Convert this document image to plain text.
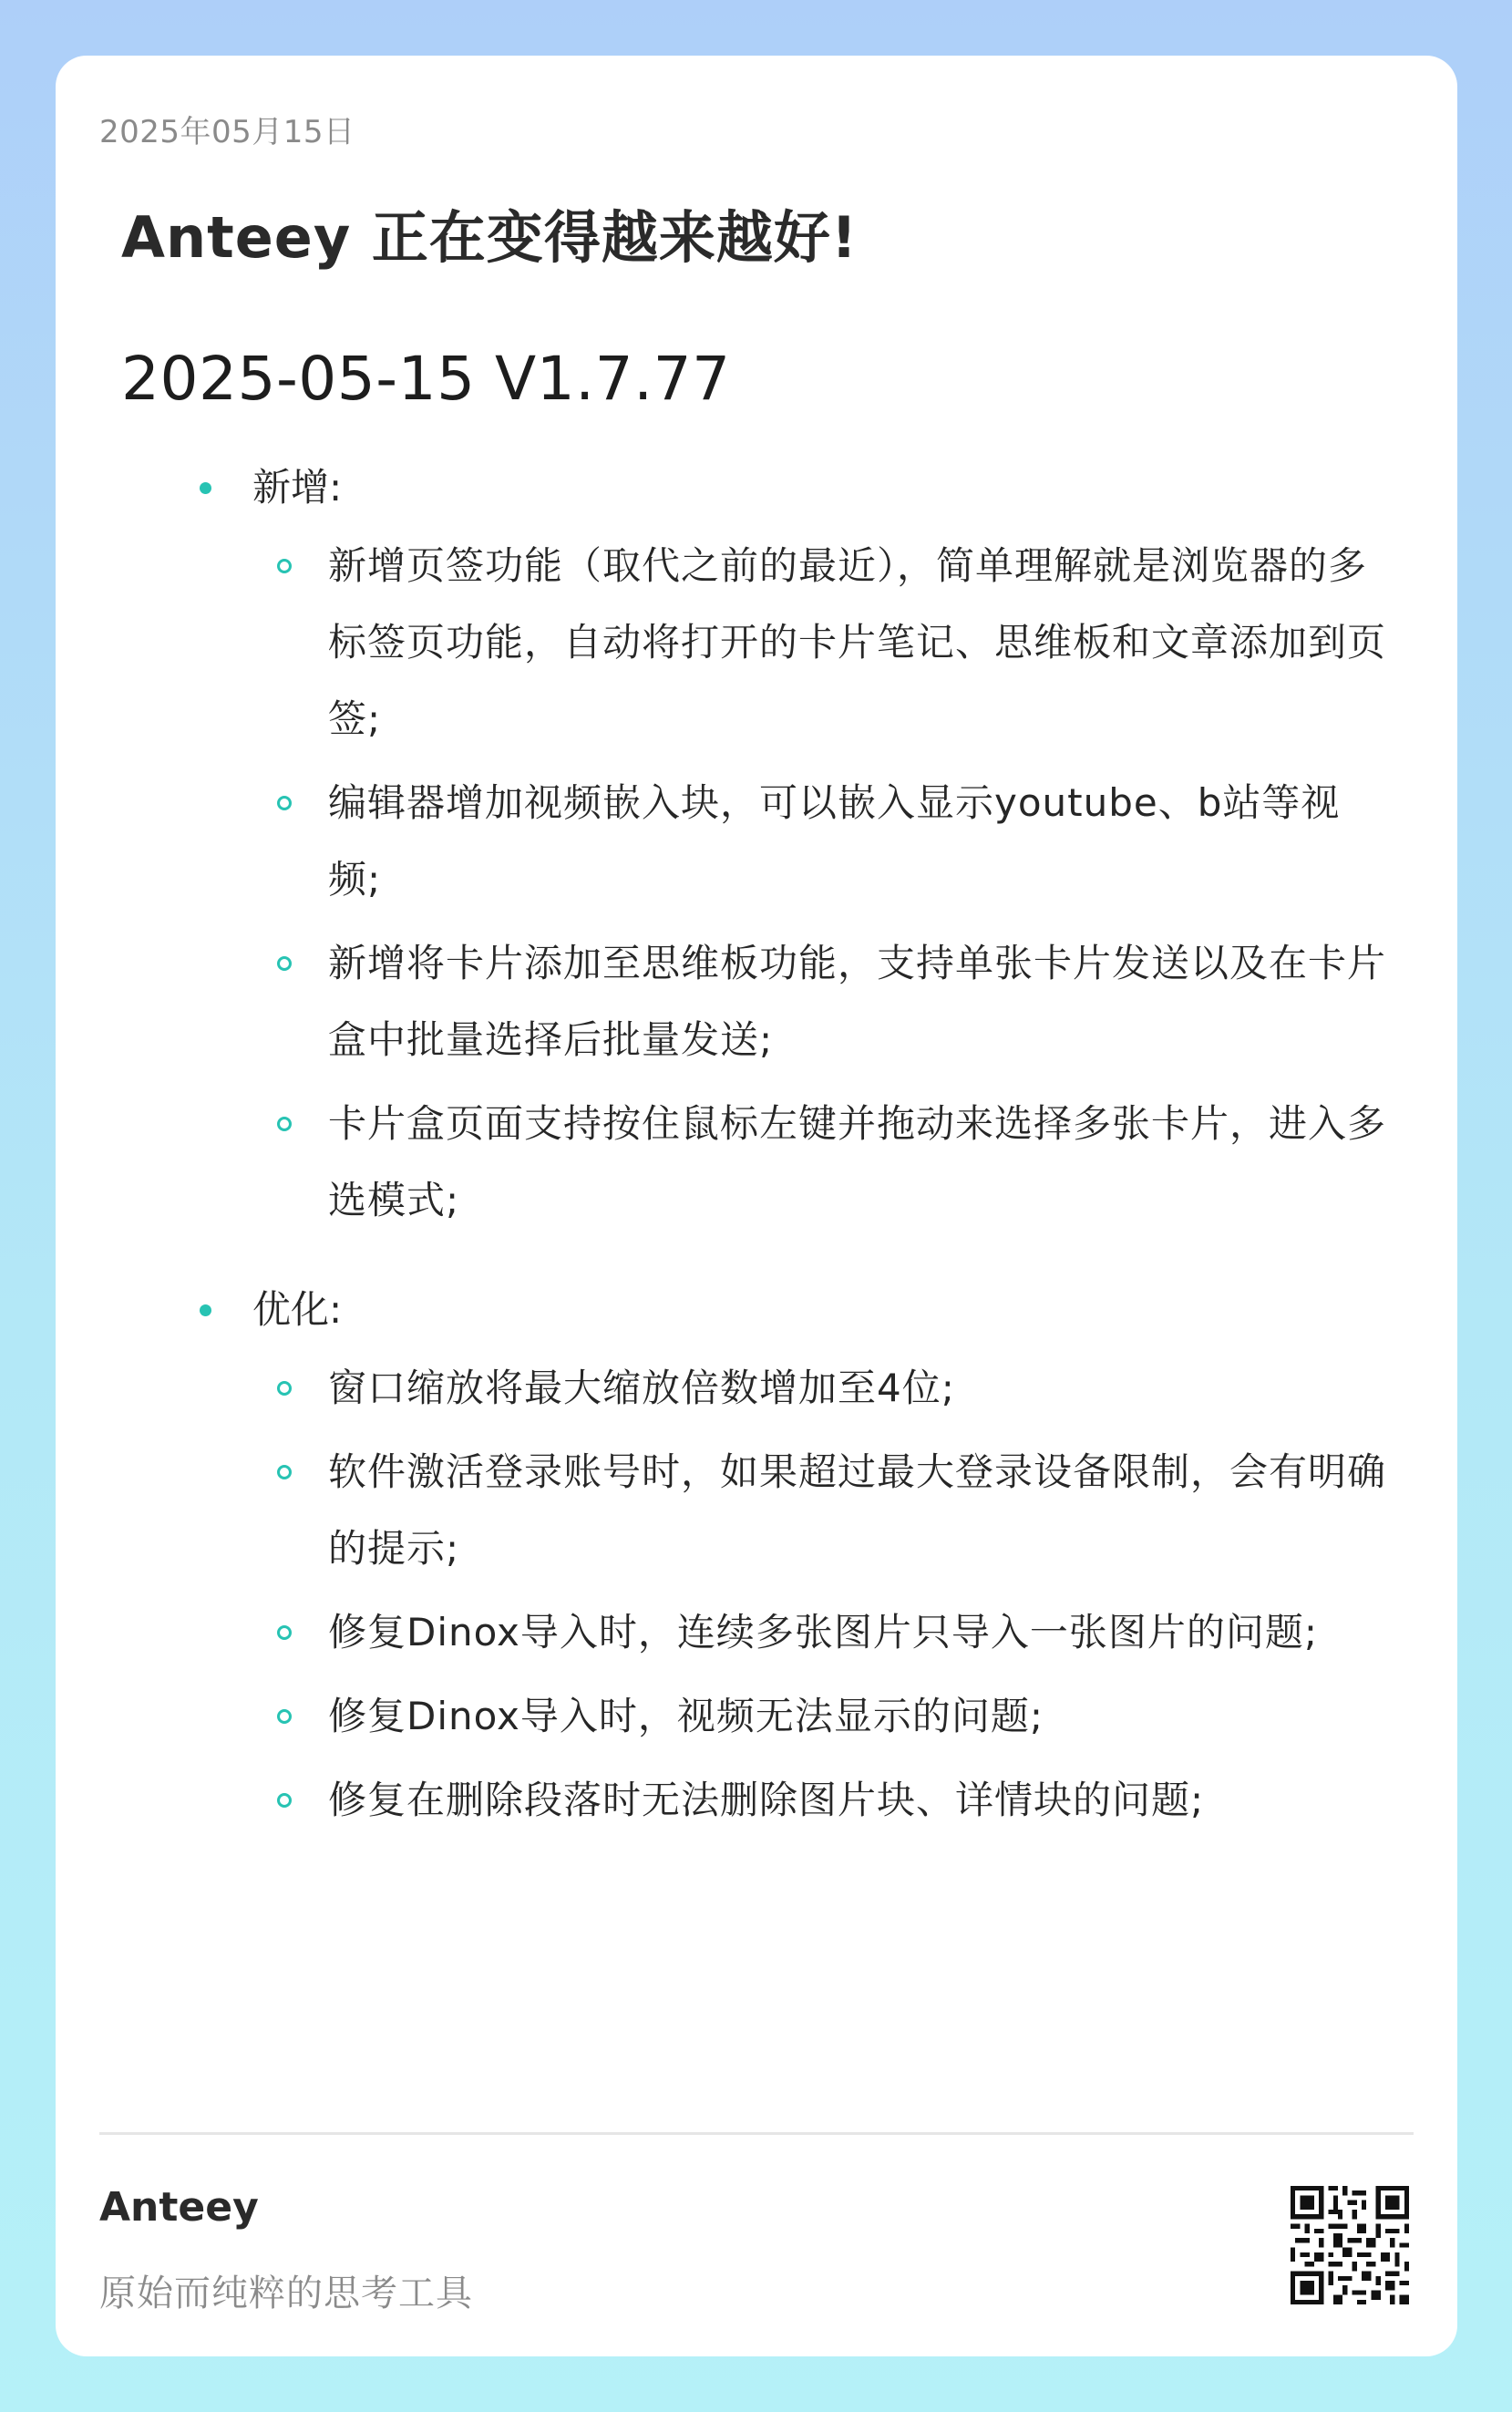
2025年05月15日
Anteey 正在变得越来越好!
2025-05-15 V1.7.77
新增:
新增页签功能（取代之前的最近），简单理解就是浏览器的多标签页功能，自动将打开的卡片笔记、思维板和文章添加到页签;
编辑器增加视频嵌入块，可以嵌入显示youtube、b站等视频;
新增将卡片添加至思维板功能，支持单张卡片发送以及在卡片盒中批量选择后批量发送;
卡片盒页面支持按住鼠标左键并拖动来选择多张卡片，进入多选模式;
优化:
窗口缩放将最大缩放倍数增加至4位;
软件激活登录账号时，如果超过最大登录设备限制，会有明确的提示;
修复Dinox导入时，连续多张图片只导入一张图片的问题;
修复Dinox导入时，视频无法显示的问题;
修复在删除段落时无法删除图片块、详情块的问题;
Anteey
原始而纯粹的思考工具
